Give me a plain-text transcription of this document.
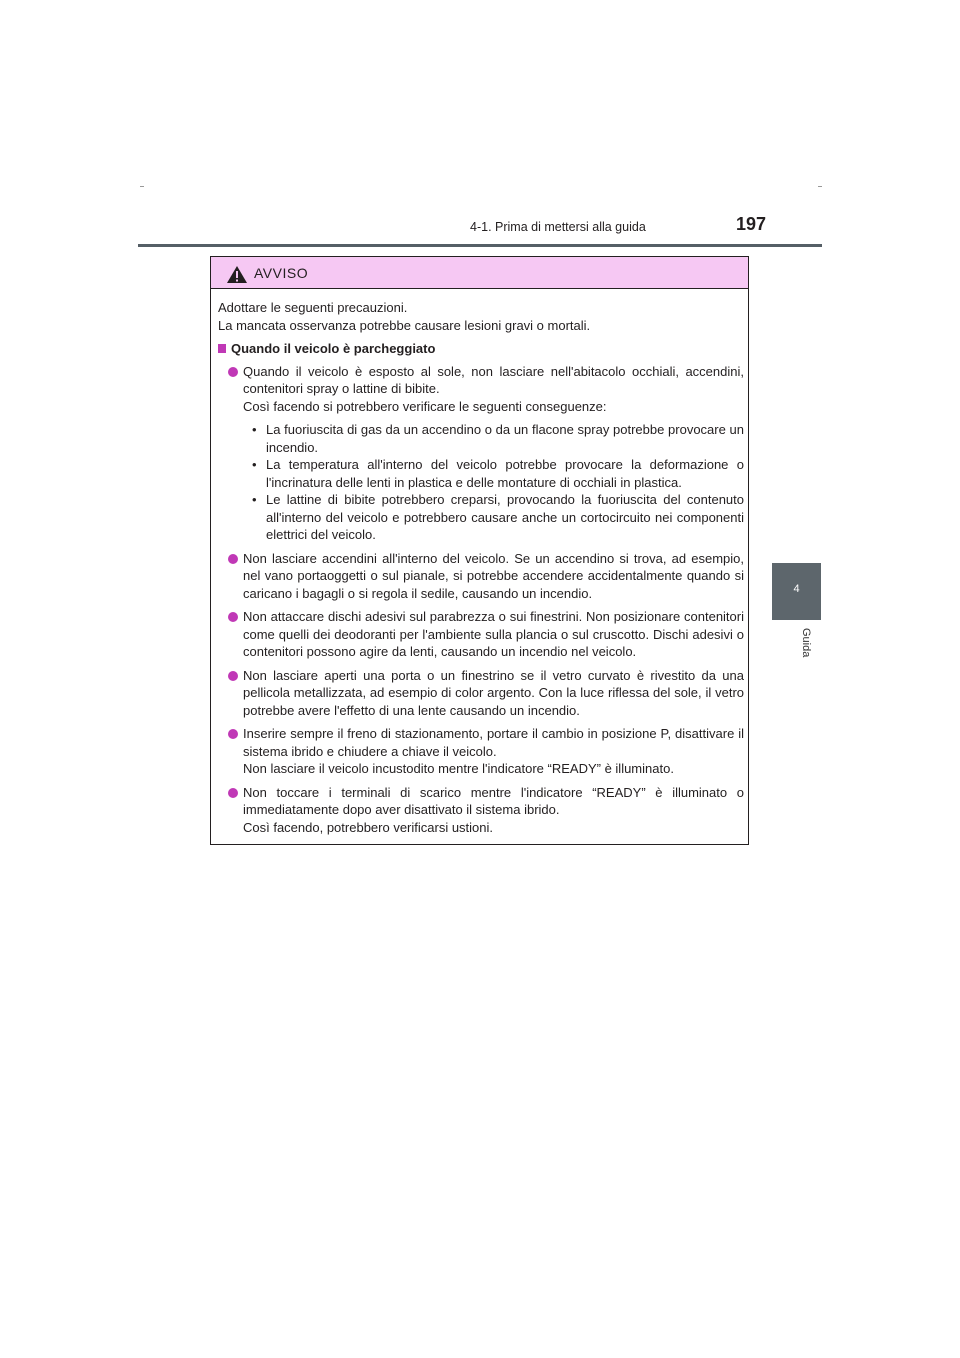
4-1. Prima di mettersi alla guida	197
4
Guida
AVVISO

Adottare le seguenti precauzioni.

La mancata osservanza potrebbe causare lesioni gravi o mortali.

Quando il veicolo è parcheggiato

Quando il veicolo è esposto al sole, non lasciare nell'abitacolo occhiali, accendini, contenitori spray o lattine di bibite.

Così facendo si potrebbero verificare le seguenti conseguenze:

• La fuoriuscita di gas da un accendino o da un flacone spray potrebbe provocare un incendio.
• La temperatura all'interno del veicolo potrebbe provocare la deformazione o l'incrinatura delle lenti in plastica e delle montature di occhiali in plastica.
• Le lattine di bibite potrebbero creparsi, provocando la fuoriuscita del contenuto all'interno del veicolo e potrebbero causare anche un cortocircuito nei componenti elettrici del veicolo.

Non lasciare accendini all'interno del veicolo. Se un accendino si trova, ad esempio, nel vano portaoggetti o sul pianale, si potrebbe accendere accidentalmente quando si caricano i bagagli o si regola il sedile, causando un incendio.

Non attaccare dischi adesivi sul parabrezza o sui finestrini. Non posizionare contenitori come quelli dei deodoranti per l'ambiente sulla plancia o sul cruscotto. Dischi adesivi o contenitori possono agire da lenti, causando un incendio nel veicolo.

Non lasciare aperti una porta o un finestrino se il vetro curvato è rivestito da una pellicola metallizzata, ad esempio di color argento. Con la luce riflessa del sole, il vetro potrebbe avere l'effetto di una lente causando un incendio.

Inserire sempre il freno di stazionamento, portare il cambio in posizione P, disattivare il sistema ibrido e chiudere a chiave il veicolo.

Non lasciare il veicolo incustodito mentre l'indicatore “READY” è illuminato.

Non toccare i terminali di scarico mentre l'indicatore “READY” è illuminato o immediatamente dopo aver disattivato il sistema ibrido.

Così facendo, potrebbero verificarsi ustioni.
